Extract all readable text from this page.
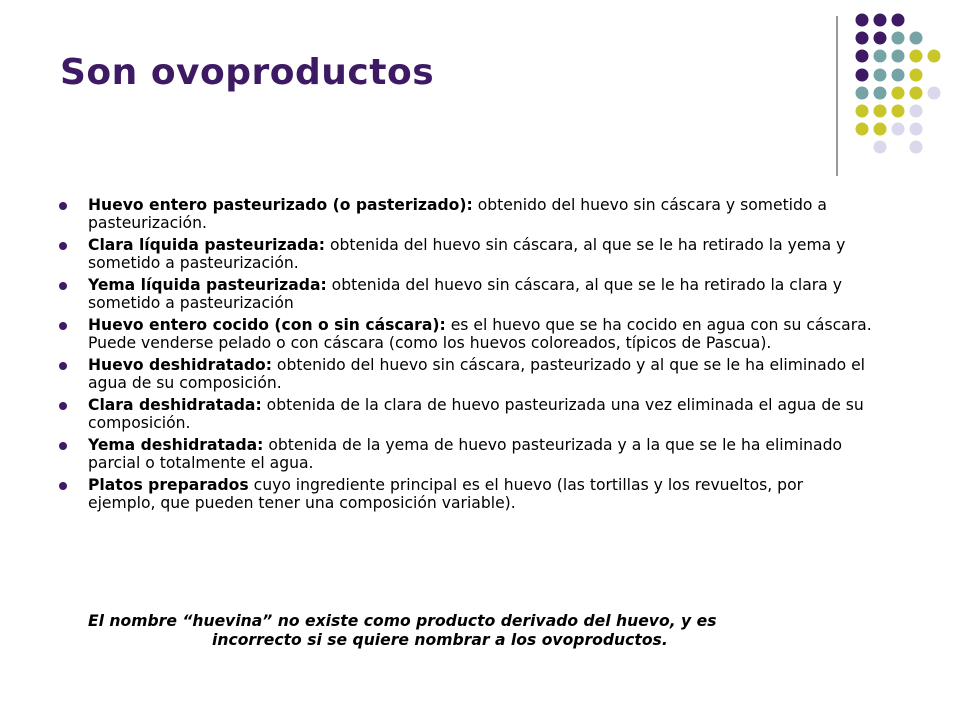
Son ovoproductos
Huevo entero pasteurizado (o pasterizado): obtenido del huevo sin cáscara y sometido a pasteurización.
Clara líquida pasteurizada: obtenida del huevo sin cáscara, al que se le ha retirado la yema y sometido a pasteurización.
Yema líquida pasteurizada: obtenida del huevo sin cáscara, al que se le ha retirado la clara y sometido a pasteurización
Huevo entero cocido (con o sin cáscara): es el huevo que se ha cocido en agua con su cáscara. Puede venderse pelado o con cáscara (como los huevos coloreados, típicos de Pascua).
Huevo deshidratado: obtenido del huevo sin cáscara, pasteurizado y al que se le ha eliminado el agua de su composición.
Clara deshidratada: obtenida de la clara de huevo pasteurizada una vez eliminada el agua de su composición.
Yema deshidratada: obtenida de la yema de huevo pasteurizada y a la que se le ha eliminado parcial o totalmente el agua.
Platos preparados cuyo ingrediente principal es el huevo (las tortillas y los revueltos, por ejemplo, que pueden tener una composición variable).

El nombre “huevina” no existe como producto derivado del huevo, y es
incorrecto si se quiere nombrar a los ovoproductos.
